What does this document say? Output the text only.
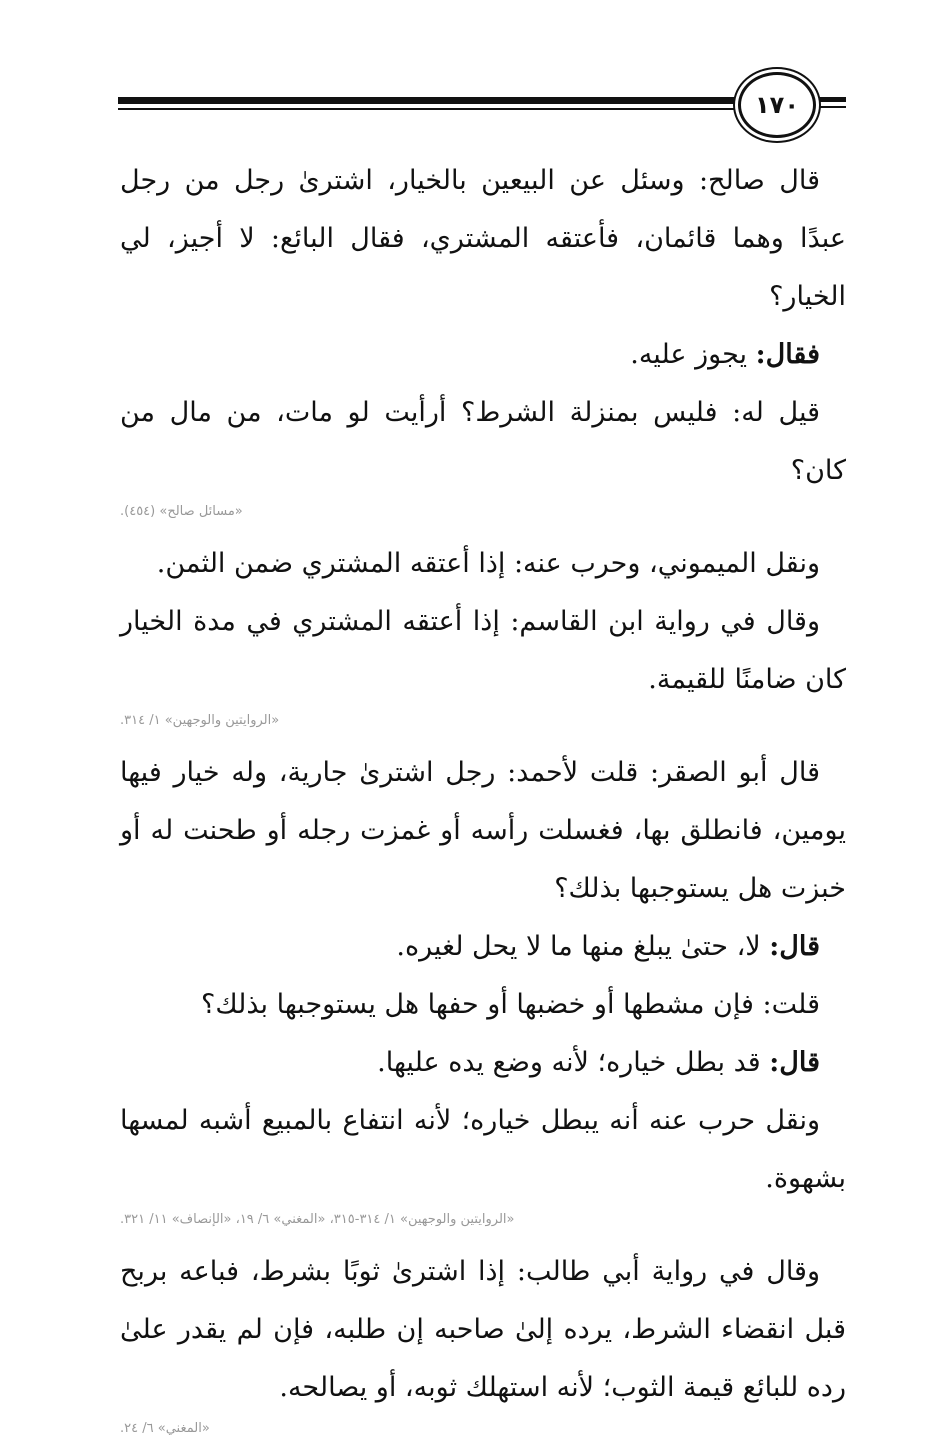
١٧٠

قال صالح: وسئل عن البيعين بالخيار، اشترىٰ رجل من رجل عبدًا وهما قائمان، فأعتقه المشتري، فقال البائع: لا أجيز، لي الخيار؟

فقال: يجوز عليه.

قيل له: فليس بمنزلة الشرط؟ أرأيت لو مات، من مال من كان؟

«مسائل صالح» (٤٥٤).

ونقل الميموني، وحرب عنه: إذا أعتقه المشتري ضمن الثمن.

وقال في رواية ابن القاسم: إذا أعتقه المشتري في مدة الخيار كان ضامنًا للقيمة.

«الروايتين والوجهين» ١/ ٣١٤.

قال أبو الصقر: قلت لأحمد: رجل اشترىٰ جارية، وله خيار فيها يومين، فانطلق بها، فغسلت رأسه أو غمزت رجله أو طحنت له أو خبزت هل يستوجبها بذلك؟

قال: لا، حتىٰ يبلغ منها ما لا يحل لغيره.

قلت: فإن مشطها أو خضبها أو حفها هل يستوجبها بذلك؟

قال: قد بطل خياره؛ لأنه وضع يده عليها.

ونقل حرب عنه أنه يبطل خياره؛ لأنه انتفاع بالمبيع أشبه لمسها بشهوة.

«الروايتين والوجهين» ١/ ٣١٤-٣١٥، «المغني» ٦/ ١٩، «الإنصاف» ١١/ ٣٢١.

وقال في رواية أبي طالب: إذا اشترىٰ ثوبًا بشرط، فباعه بربح قبل انقضاء الشرط، يرده إلىٰ صاحبه إن طلبه، فإن لم يقدر علىٰ رده للبائع قيمة الثوب؛ لأنه استهلك ثوبه، أو يصالحه.

«المغني» ٦/ ٢٤.
